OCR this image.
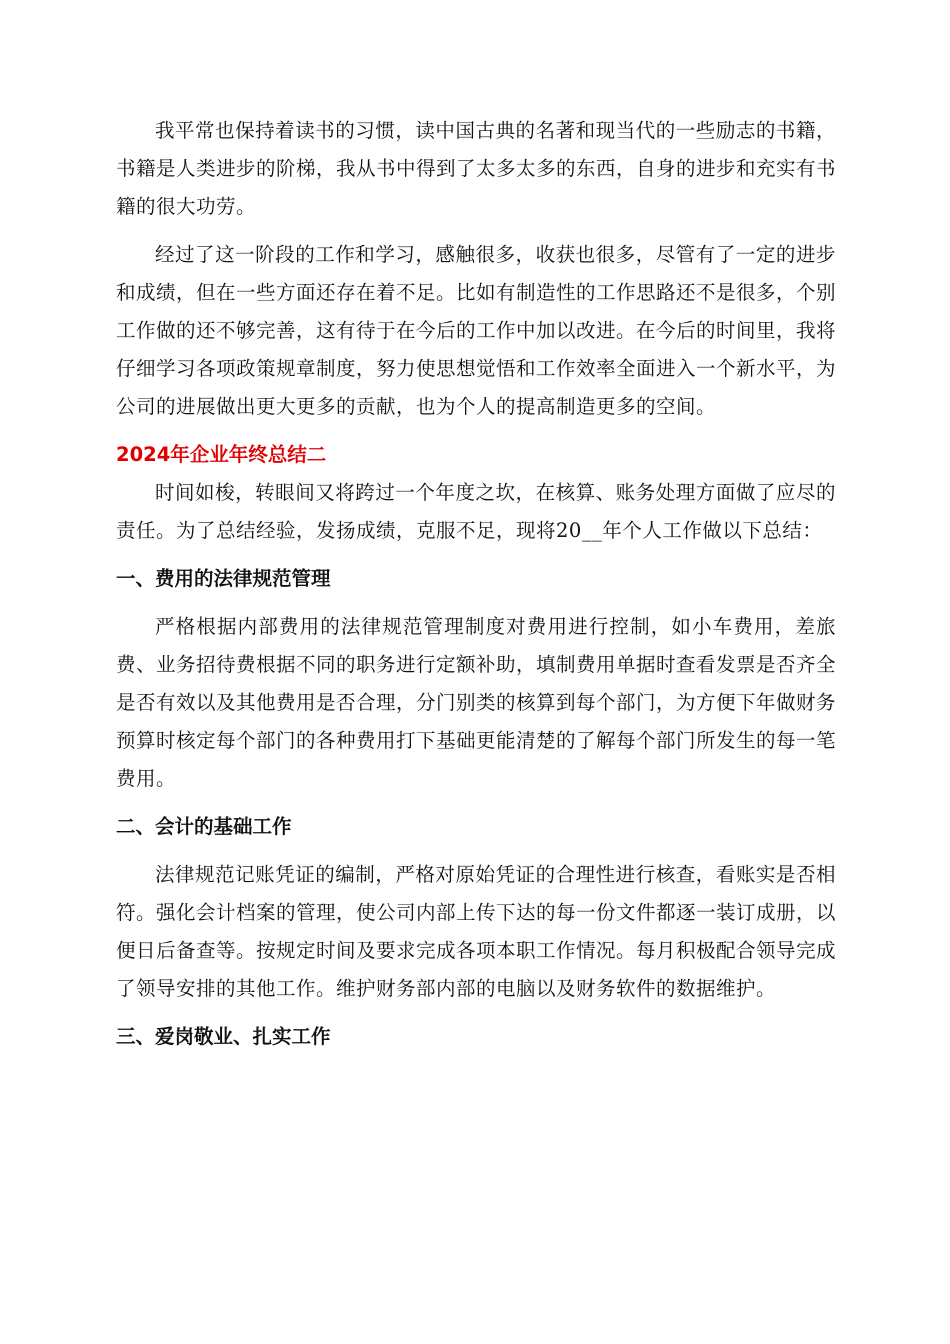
我平常也保持着读书的习惯，读中国古典的名著和现当代的一些励志的书籍，书籍是人类进步的阶梯，我从书中得到了太多太多的东西，自身的进步和充实有书籍的很大功劳。

经过了这一阶段的工作和学习，感触很多，收获也很多，尽管有了一定的进步和成绩，但在一些方面还存在着不足。比如有制造性的工作思路还不是很多，个别工作做的还不够完善，这有待于在今后的工作中加以改进。在今后的时间里，我将仔细学习各项政策规章制度，努力使思想觉悟和工作效率全面进入一个新水平，为公司的进展做出更大更多的贡献，也为个人的提高制造更多的空间。

2024年企业年终总结二

时间如梭，转眼间又将跨过一个年度之坎，在核算、账务处理方面做了应尽的责任。为了总结经验，发扬成绩，克服不足，现将20__年个人工作做以下总结：

一、费用的法律规范管理

严格根据内部费用的法律规范管理制度对费用进行控制，如小车费用，差旅费、业务招待费根据不同的职务进行定额补助，填制费用单据时查看发票是否齐全是否有效以及其他费用是否合理，分门别类的核算到每个部门，为方便下年做财务预算时核定每个部门的各种费用打下基础更能清楚的了解每个部门所发生的每一笔费用。

二、会计的基础工作

法律规范记账凭证的编制，严格对原始凭证的合理性进行核查，看账实是否相符。强化会计档案的管理，使公司内部上传下达的每一份文件都逐一装订成册，以便日后备查等。按规定时间及要求完成各项本职工作情况。每月积极配合领导完成了领导安排的其他工作。维护财务部内部的电脑以及财务软件的数据维护。

三、爱岗敬业、扎实工作
